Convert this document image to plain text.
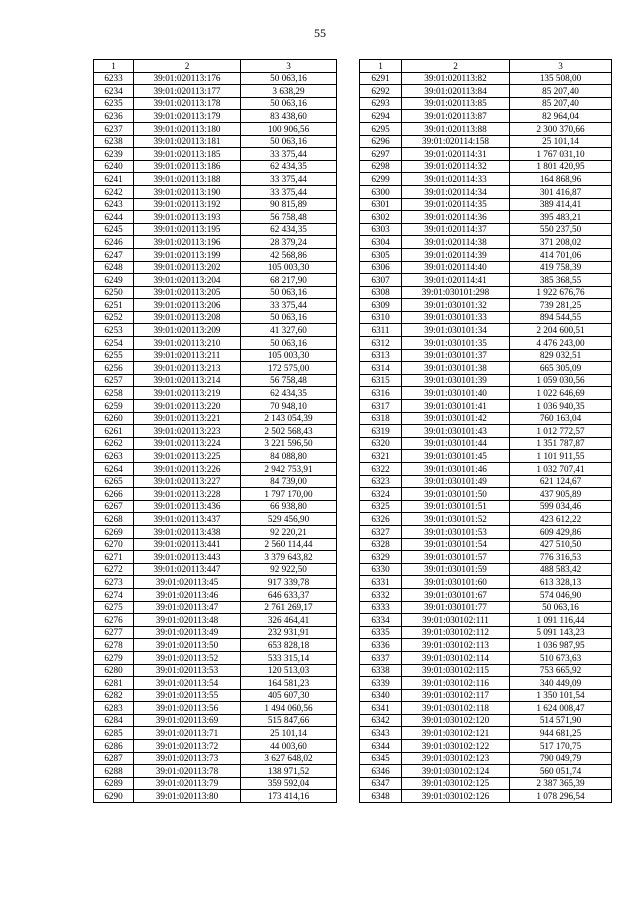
55
1	2	3
6233	39:01:020113:176	50 063,16
6234	39:01:020113:177	3 638,29
6235	39:01:020113:178	50 063,16
6236	39:01:020113:179	83 438,60
6237	39:01:020113:180	100 906,56
6238	39:01:020113:181	50 063,16
6239	39:01:020113:185	33 375,44
6240	39:01:020113:186	62 434,35
6241	39:01:020113:188	33 375,44
6242	39:01:020113:190	33 375,44
6243	39:01:020113:192	90 815,89
6244	39:01:020113:193	56 758,48
6245	39:01:020113:195	62 434,35
6246	39:01:020113:196	28 379,24
6247	39:01:020113:199	42 568,86
6248	39:01:020113:202	105 003,30
6249	39:01:020113:204	68 217,90
6250	39:01:020113:205	50 063,16
6251	39:01:020113:206	33 375,44
6252	39:01:020113:208	50 063,16
6253	39:01:020113:209	41 327,60
6254	39:01:020113:210	50 063,16
6255	39:01:020113:211	105 003,30
6256	39:01:020113:213	172 575,00
6257	39:01:020113:214	56 758,48
6258	39:01:020113:219	62 434,35
6259	39:01:020113:220	70 948,10
6260	39:01:020113:221	2 143 054,39
6261	39:01:020113:223	2 502 568,43
6262	39:01:020113:224	3 221 596,50
6263	39:01:020113:225	84 088,80
6264	39:01:020113:226	2 942 753,91
6265	39:01:020113:227	84 739,00
6266	39:01:020113:228	1 797 170,00
6267	39:01:020113:436	66 938,80
6268	39:01:020113:437	529 456,90
6269	39:01:020113:438	92 220,21
6270	39:01:020113:441	2 560 114,44
6271	39:01:020113:443	3 379 643,82
6272	39:01:020113:447	92 922,50
6273	39:01:020113:45	917 339,78
6274	39:01:020113:46	646 633,37
6275	39:01:020113:47	2 761 269,17
6276	39:01:020113:48	326 464,41
6277	39:01:020113:49	232 931,91
6278	39:01:020113:50	653 828,18
6279	39:01:020113:52	533 315,14
6280	39:01:020113:53	120 513,03
6281	39:01:020113:54	164 581,23
6282	39:01:020113:55	405 607,30
6283	39:01:020113:56	1 494 060,56
6284	39:01:020113:69	515 847,66
6285	39:01:020113:71	25 101,14
6286	39:01:020113:72	44 003,60
6287	39:01:020113:73	3 627 648,02
6288	39:01:020113:78	138 971,52
6289	39:01:020113:79	359 592,04
6290	39:01:020113:80	173 414,16
1	2	3
6291	39:01:020113:82	135 508,00
6292	39:01:020113:84	85 207,40
6293	39:01:020113:85	85 207,40
6294	39:01:020113:87	82 964,04
6295	39:01:020113:88	2 300 370,66
6296	39:01:020114:158	25 101,14
6297	39:01:020114:31	1 767 031,10
6298	39:01:020114:32	1 801 420,95
6299	39:01:020114:33	164 868,96
6300	39:01:020114:34	301 416,87
6301	39:01:020114:35	389 414,41
6302	39:01:020114:36	395 483,21
6303	39:01:020114:37	550 237,50
6304	39:01:020114:38	371 208,02
6305	39:01:020114:39	414 701,06
6306	39:01:020114:40	419 758,39
6307	39:01:020114:41	385 368,55
6308	39:01:030101:298	1 922 676,76
6309	39:01:030101:32	739 281,25
6310	39:01:030101:33	894 544,55
6311	39:01:030101:34	2 204 600,51
6312	39:01:030101:35	4 476 243,00
6313	39:01:030101:37	829 032,51
6314	39:01:030101:38	665 305,09
6315	39:01:030101:39	1 059 030,56
6316	39:01:030101:40	1 022 646,69
6317	39:01:030101:41	1 036 940,35
6318	39:01:030101:42	760 163,04
6319	39:01:030101:43	1 012 772,57
6320	39:01:030101:44	1 351 787,87
6321	39:01:030101:45	1 101 911,55
6322	39:01:030101:46	1 032 707,41
6323	39:01:030101:49	621 124,67
6324	39:01:030101:50	437 905,89
6325	39:01:030101:51	599 034,46
6326	39:01:030101:52	423 612,22
6327	39:01:030101:53	609 429,86
6328	39:01:030101:54	427 510,50
6329	39:01:030101:57	776 316,53
6330	39:01:030101:59	488 583,42
6331	39:01:030101:60	613 328,13
6332	39:01:030101:67	574 046,90
6333	39:01:030101:77	50 063,16
6334	39:01:030102:111	1 091 116,44
6335	39:01:030102:112	5 091 143,23
6336	39:01:030102:113	1 036 987,95
6337	39:01:030102:114	510 673,63
6338	39:01:030102:115	753 665,92
6339	39:01:030102:116	340 449,09
6340	39:01:030102:117	1 350 101,54
6341	39:01:030102:118	1 624 008,47
6342	39:01:030102:120	514 571,90
6343	39:01:030102:121	944 681,25
6344	39:01:030102:122	517 170,75
6345	39:01:030102:123	790 049,79
6346	39:01:030102:124	560 051,74
6347	39:01:030102:125	2 387 365,39
6348	39:01:030102:126	1 078 296,54
